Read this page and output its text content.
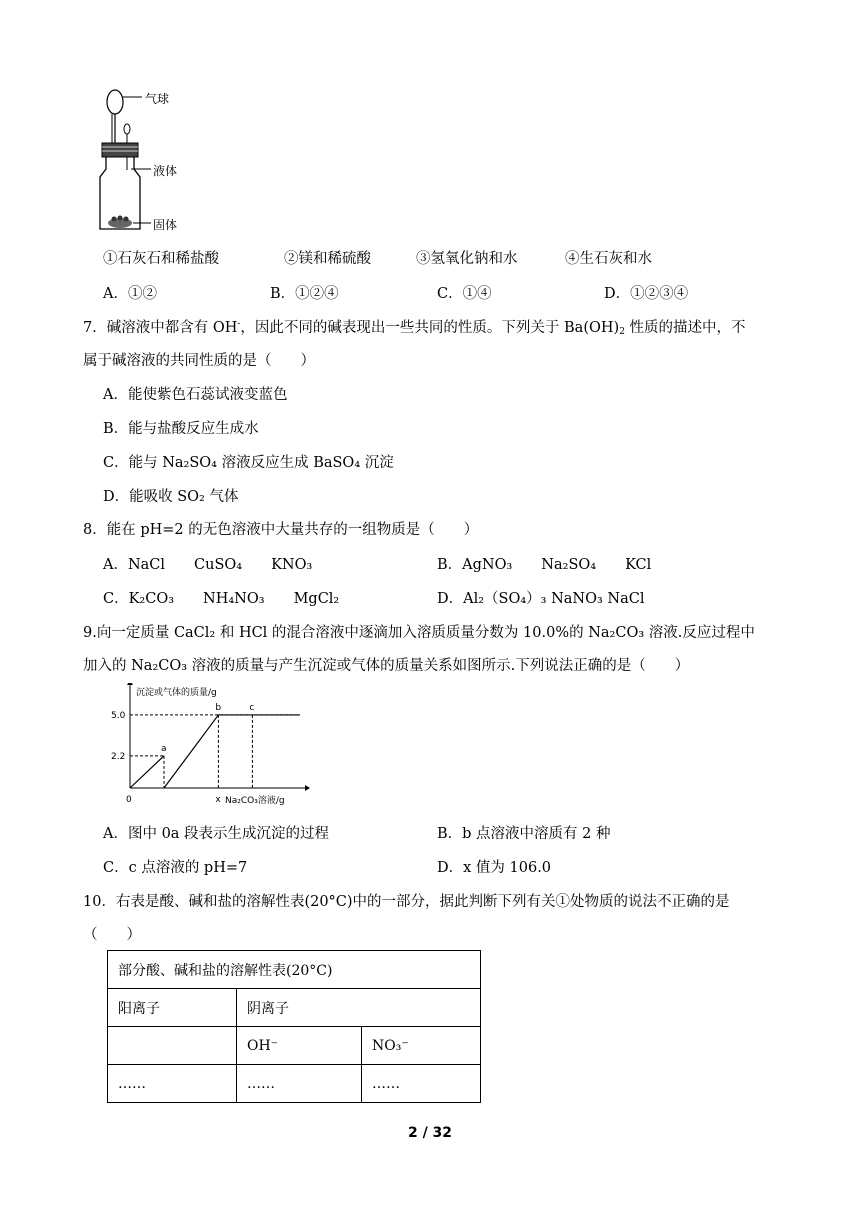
气球
液体
固体
①石灰石和稀盐酸	②镁和稀硫酸	③氢氧化钠和水	④生石灰和水
A．①②	B．①②④	C．①④	D．①②③④
7．碱溶液中都含有 OH-，因此不同的碱表现出一些共同的性质。下列关于 $Ba(OH)_2$ 性质的描述中，不
属于碱溶液的共同性质的是（　　）
A．能使紫色石蕊试液变蓝色
B．能与盐酸反应生成水
C．能与 Na₂SO₄ 溶液反应生成 BaSO₄ 沉淀
D．能吸收 SO₂ 气体
8．能在 pH=2 的无色溶液中大量共存的一组物质是（　　）
A．NaCl　　CuSO₄　　KNO₃	B．AgNO₃　　Na₂SO₄　　KCl
C．K₂CO₃　　NH₄NO₃　　MgCl₂	D．Al₂（SO₄）₃ NaNO₃ NaCl
9.向一定质量 CaCl₂ 和 HCl 的混合溶液中逐滴加入溶质质量分数为 10.0%的 Na₂CO₃ 溶液.反应过程中
加入的 Na₂CO₃ 溶液的质量与产生沉淀或气体的质量关系如图所示.下列说法正确的是（　　）
沉淀或气体的质量/g
Na₂CO₃溶液/g
5.0
2.2
0	x
a
b	c
A．图中 0a 段表示生成沉淀的过程	B．b 点溶液中溶质有 2 种
C．c 点溶液的 pH=7	D．x 值为 106.0
10．右表是酸、碱和盐的溶解性表(20°C)中的一部分，据此判断下列有关①处物质的说法不正确的是
（　　）
部分酸、碱和盐的溶解性表(20°C)		
阳离子	阴离子	
	OH⁻	NO₃⁻
……	……	……
2 / 32
